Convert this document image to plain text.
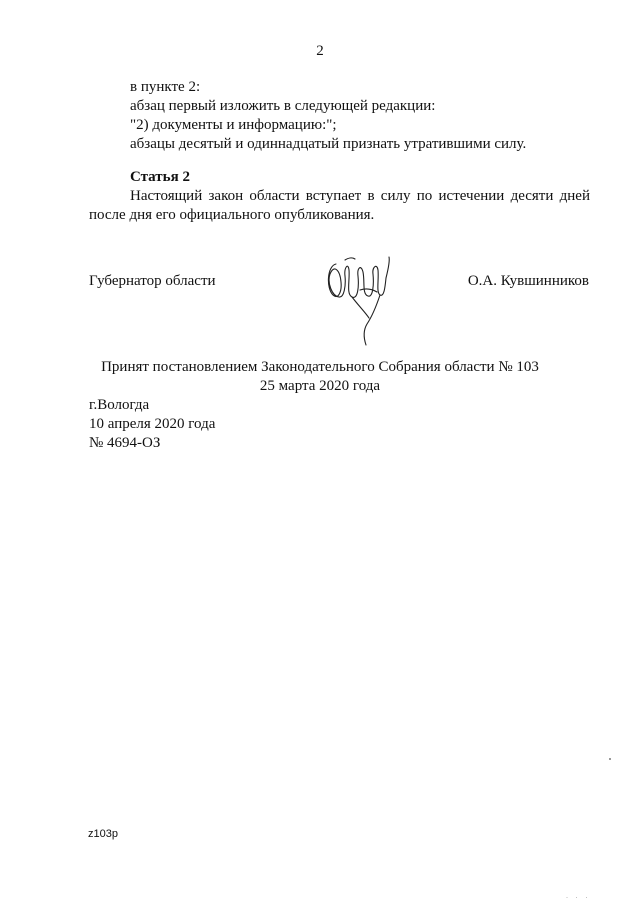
2
в пункте 2:
абзац первый изложить в следующей редакции:
"2) документы и информацию:";
абзацы десятый и одиннадцатый признать утратившими силу.
Статья 2
Настоящий закон области вступает в силу по истечении десяти дней
после дня его официального опубликования.
Губернатор области	О.А. Кувшинников
Принят постановлением Законодательного Собрания области № 103
25 марта 2020 года
г.Вологда
10 апреля 2020 года
№ 4694-ОЗ
z103p
· · ·
